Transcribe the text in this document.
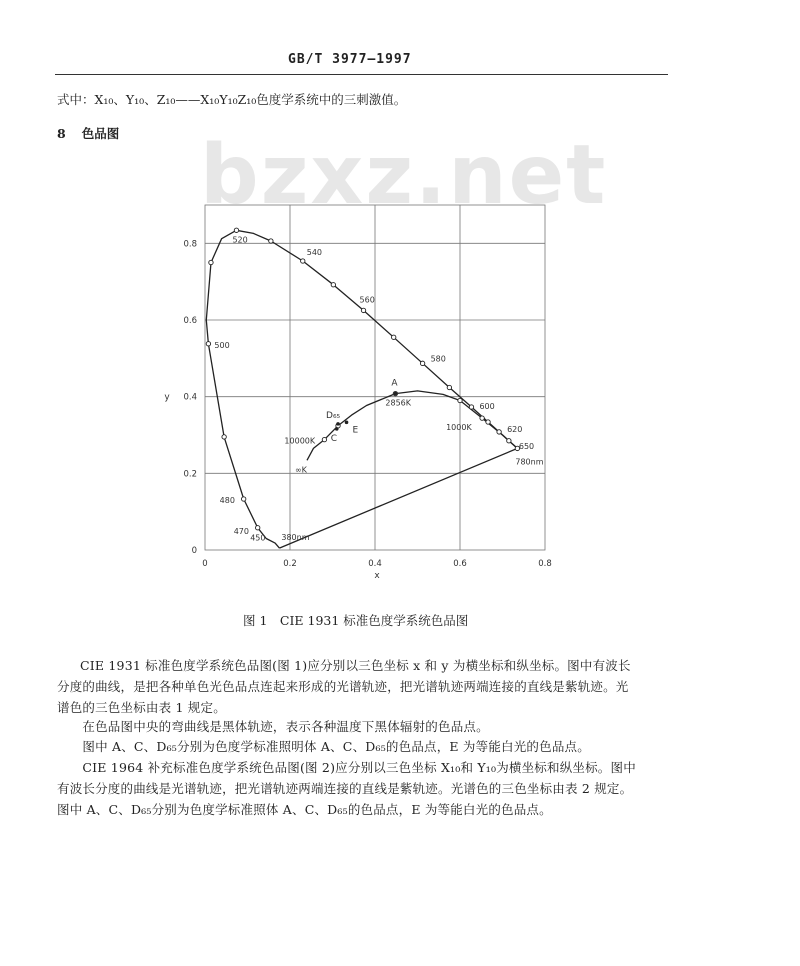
GB/T 3977—1997
式中：X₁₀、Y₁₀、Z₁₀——X₁₀Y₁₀Z₁₀色度学系统中的三刺激值。
8 色品图 bzxz.net
0	0.2	0.4	0.6	0.8
0
0.2
0.4
0.6
0.8
x
y
A
C
D₆₅
E
380nm
450
470
480
500
520
540
560
580
600
620
650
780nm
2856K
1000K
10000K
∞K
图 1　CIE 1931 标准色度学系统色品图
CIE 1931 标准色度学系统色品图(图 1)应分别以三色坐标 x 和 y 为横坐标和纵坐标。图中有波长
分度的曲线，是把各种单色光色品点连起来形成的光谱轨迹，把光谱轨迹两端连接的直线是紫轨迹。光
谱色的三色坐标由表 1 规定。
　　在色品图中央的弯曲线是黑体轨迹，表示各种温度下黑体辐射的色品点。
　　图中 A、C、D₆₅分别为色度学标准照明体 A、C、D₆₅的色品点，E 为等能白光的色品点。
　　CIE 1964 补充标准色度学系统色品图(图 2)应分别以三色坐标 X₁₀和 Y₁₀为横坐标和纵坐标。图中
有波长分度的曲线是光谱轨迹，把光谱轨迹两端连接的直线是紫轨迹。光谱色的三色坐标由表 2 规定。
图中 A、C、D₆₅分别为色度学标准照体 A、C、D₆₅的色品点，E 为等能白光的色品点。
